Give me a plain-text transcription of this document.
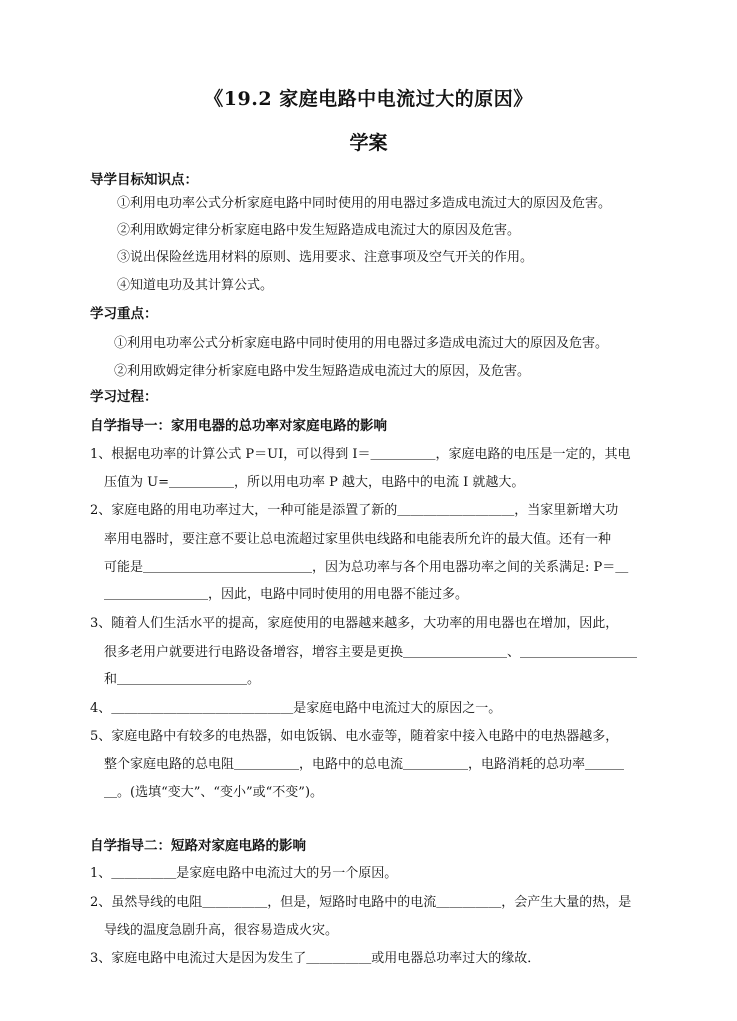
《19.2 家庭电路中电流过大的原因》
学案
导学目标知识点：
①利用电功率公式分析家庭电路中同时使用的用电器过多造成电流过大的原因及危害。
②利用欧姆定律分析家庭电路中发生短路造成电流过大的原因及危害。
③说出保险丝选用材料的原则、选用要求、注意事项及空气开关的作用。
④知道电功及其计算公式。
学习重点：
①利用电功率公式分析家庭电路中同时使用的用电器过多造成电流过大的原因及危害。
②利用欧姆定律分析家庭电路中发生短路造成电流过大的原因，及危害。
学习过程：
自学指导一：家用电器的总功率对家庭电路的影响
1、根据电功率的计算公式 P＝UI，可以得到 I＝＿＿＿＿＿，家庭电路的电压是一定的，其电
压值为 U=＿＿＿＿＿，所以用电功率 P 越大，电路中的电流 I 就越大。
2、家庭电路的用电功率过大，一种可能是添置了新的＿＿＿＿＿＿＿＿＿，当家里新增大功
率用电器时，要注意不要让总电流超过家里供电线路和电能表所允许的最大值。还有一种
可能是＿＿＿＿＿＿＿＿＿＿＿＿＿，因为总功率与各个用电器功率之间的关系满足: P＝＿
＿＿＿＿＿＿＿＿，因此，电路中同时使用的用电器不能过多。
3、随着人们生活水平的提高，家庭使用的电器越来越多，大功率的用电器也在增加，因此，
很多老用户就要进行电路设备增容，增容主要是更换＿＿＿＿＿＿＿＿、＿＿＿＿＿＿＿＿＿
和＿＿＿＿＿＿＿＿＿＿。
4、＿＿＿＿＿＿＿＿＿＿＿＿＿＿是家庭电路中电流过大的原因之一。
5、家庭电路中有较多的电热器，如电饭锅、电水壶等，随着家中接入电路中的电热器越多，
整个家庭电路的总电阻＿＿＿＿＿，电路中的总电流＿＿＿＿＿，电路消耗的总功率＿＿＿
＿。(选填“变大”、“变小”或“不变”)。
自学指导二：短路对家庭电路的影响
1、＿＿＿＿＿是家庭电路中电流过大的另一个原因。
2、虽然导线的电阻＿＿＿＿＿，但是，短路时电路中的电流＿＿＿＿＿，会产生大量的热，是
导线的温度急剧升高，很容易造成火灾。
3、家庭电路中电流过大是因为发生了＿＿＿＿＿或用电器总功率过大的缘故．
